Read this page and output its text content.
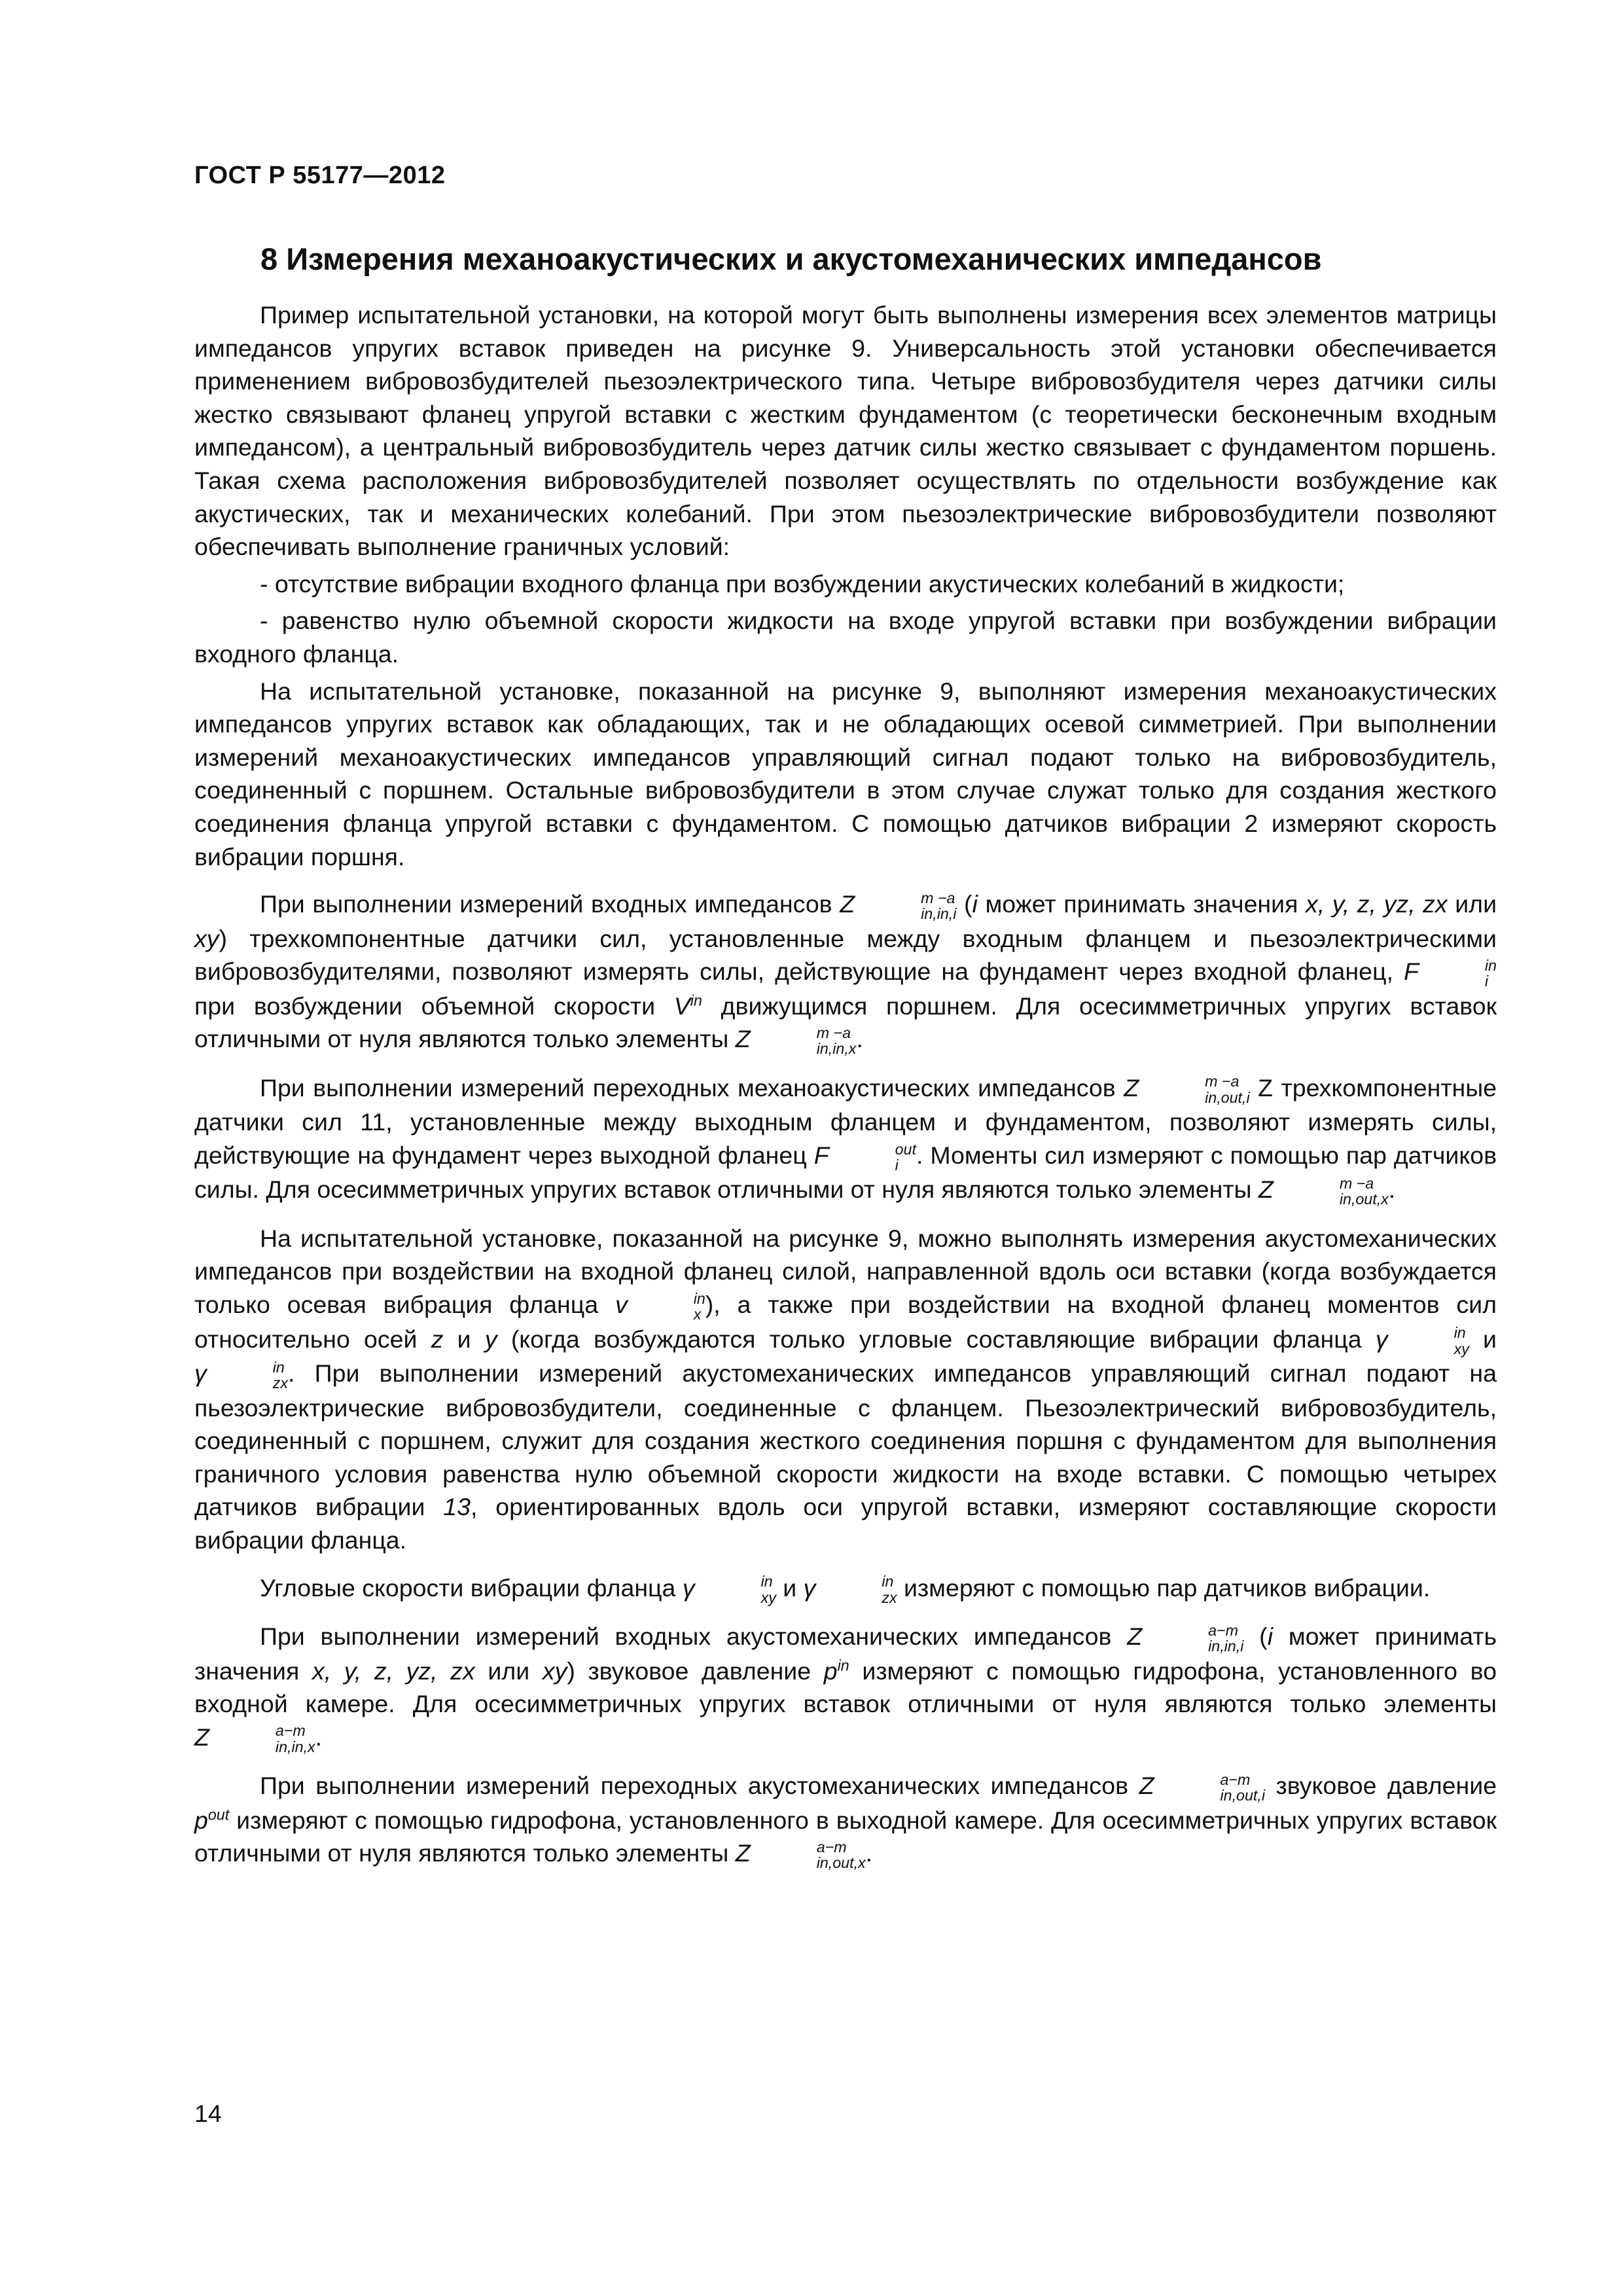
ГОСТ Р 55177—2012
8 Измерения механоакустических и акустомеханических импедансов

Пример испытательной установки, на которой могут быть выполнены измерения всех элементов матрицы импедансов упругих вставок приведен на рисунке 9. Универсальность этой установки обеспечивается применением вибровозбудителей пьезоэлектрического типа. Четыре вибровозбудителя через датчики силы жестко связывают фланец упругой вставки с жестким фундаментом (с теоретически бесконечным входным импедансом), а центральный вибровозбудитель через датчик силы жестко связывает с фундаментом поршень. Такая схема расположения вибровозбудителей позволяет осуществлять по отдельности возбуждение как акустических, так и механических колебаний. При этом пьезоэлектрические вибровозбудители позволяют обеспечивать выполнение граничных условий:

- отсутствие вибрации входного фланца при возбуждении акустических колебаний в жидкости;

- равенство нулю объемной скорости жидкости на входе упругой вставки при возбуждении вибрации входного фланца.

На испытательной установке, показанной на рисунке 9, выполняют измерения механоакустических импедансов упругих вставок как обладающих, так и не обладающих осевой симметрией. При выполнении измерений механоакустических импедансов управляющий сигнал подают только на вибровозбудитель, соединенный с поршнем. Остальные вибровозбудители в этом случае служат только для создания жесткого соединения фланца упругой вставки с фундаментом. С помощью датчиков вибрации 2 измеряют скорость вибрации поршня.

При выполнении измерений входных импедансов Z	m −a
in,in,i (i может принимать значения x, y, z, yz, zx или xy) трехкомпонентные датчики сил, установленные между входным фланцем и пьезоэлектрическими вибровозбудителями, позволяют измерять силы, действующие на фундамент через входной фланец, F	in
i
при возбуждении объемной скорости $V^{in}$ движущимся поршнем. Для осесимметричных упругих вставок отличными от нуля являются только элементы Z	m −a
in,in,x .

При выполнении измерений переходных механоакустических импедансов Z	m −a
in,out,i Z трехкомпонентные датчики сил 11, установленные между выходным фланцем и фундаментом, позволяют измерять силы, действующие на фундамент через выходной фланец F	out
i . Моменты сил измеряют с помощью пар датчиков силы. Для осесимметричных упругих вставок отличными от нуля являются только элементы Z	m −a
in,out,x .

На испытательной установке, показанной на рисунке 9, можно выполнять измерения акустомеханических импедансов при воздействии на входной фланец силой, направленной вдоль оси вставки (когда возбуждается только осевая вибрация фланца v	in
x ), а также при воздействии на входной фланец моментов сил относительно осей z и y (когда возбуждаются только угловые составляющие вибрации фланца γ	in
xy и γ	in
zx . При выполнении измерений акустомеханических импедансов управляющий сигнал подают на пьезоэлектрические вибровозбудители, соединенные с фланцем. Пьезоэлектрический вибровозбудитель, соединенный с поршнем, служит для создания жесткого соединения поршня с фундаментом для выполнения граничного условия равенства нулю объемной скорости жидкости на входе вставки. С помощью четырех датчиков вибрации 13, ориентированных вдоль оси упругой вставки, измеряют составляющие скорости вибрации фланца.

Угловые скорости вибрации фланца γ	in
xy и γ	in
zx измеряют с помощью пар датчиков вибрации.

При выполнении измерений входных акустомеханических импедансов Z	a−m
in,in,i (i может принимать значения x, y, z, yz, zx или xy) звуковое давление $p^{in}$ измеряют с помощью гидрофона, установленного во входной камере. Для осесимметричных упругих вставок отличными от нуля являются только элементы Z	a−m
in,in,x .

При выполнении измерений переходных акустомеханических импедансов Z	a−m
in,out,i звуковое давление $p^{out}$ измеряют с помощью гидрофона, установленного в выходной камере. Для осесимметричных упругих вставок отличными от нуля являются только элементы Z	a−m
in,out,x .

14
